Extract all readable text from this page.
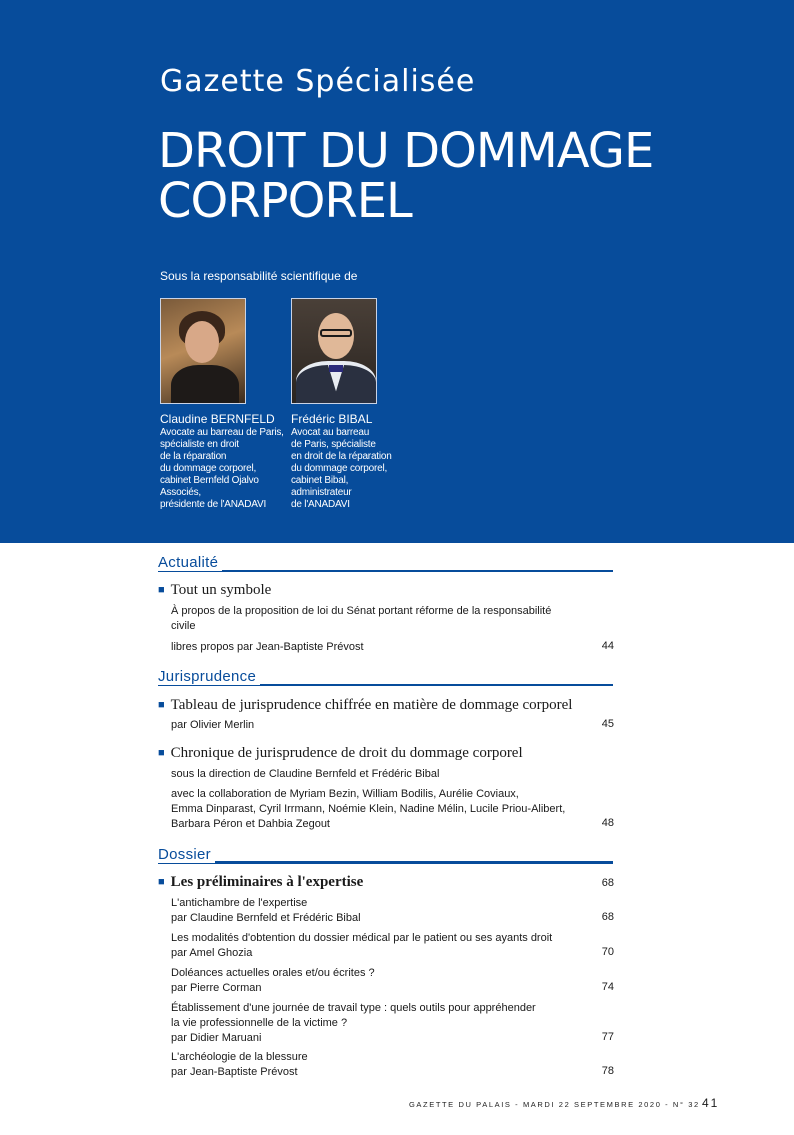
Gazette Spécialisée
DROIT DU DOMMAGE
CORPOREL
Sous la responsabilité scientifique de
Claudine BERNFELD
Avocate au barreau de Paris,
spécialiste en droit
de la réparation
du dommage corporel,
cabinet Bernfeld Ojalvo
Associés,
présidente de l'ANADAVI
Frédéric BIBAL
Avocat au barreau
de Paris, spécialiste
en droit de la réparation
du dommage corporel,
cabinet Bibal,
administrateur
de l'ANADAVI
Actualité
■ Tout un symbole
À propos de la proposition de loi du Sénat portant réforme de la responsabilité
civile
libres propos par Jean-Baptiste Prévost	44
Jurisprudence
■ Tableau de jurisprudence chiffrée en matière de dommage corporel
par Olivier Merlin	45
■ Chronique de jurisprudence de droit du dommage corporel
sous la direction de Claudine Bernfeld et Frédéric Bibal
avec la collaboration de Myriam Bezin, William Bodilis, Aurélie Coviaux,
Emma Dinparast, Cyril Irrmann, Noémie Klein, Nadine Mélin, Lucile Priou-Alibert,
Barbara Péron et Dahbia Zegout	48
Dossier
■ Les préliminaires à l'expertise	68
L'antichambre de l'expertise
par Claudine Bernfeld et Frédéric Bibal	68
Les modalités d'obtention du dossier médical par le patient ou ses ayants droit
par Amel Ghozia	70
Doléances actuelles orales et/ou écrites ?
par Pierre Corman	74
Établissement d'une journée de travail type : quels outils pour appréhender
la vie professionnelle de la victime ?
par Didier Maruani	77
L'archéologie de la blessure
par Jean-Baptiste Prévost	78
GAZETTE DU PALAIS - MARDI 22 SEPTEMBRE 2020 - N° 32 41
